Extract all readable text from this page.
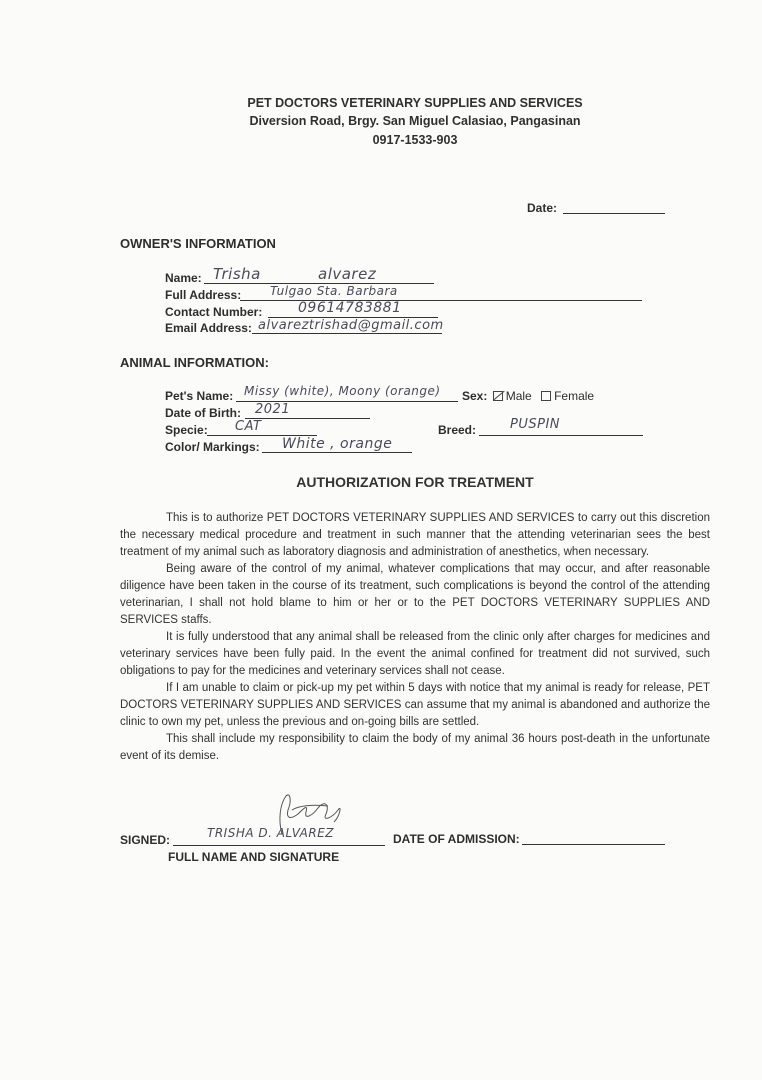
PET DOCTORS VETERINARY SUPPLIES AND SERVICES
Diversion Road, Brgy. San Miguel Calasiao, Pangasinan
0917-1533-903
Date:
OWNER'S INFORMATION
Name: Trisha	alvarez
Full Address: Tulgao Sta. Barbara
Contact Number:	09614783881
Email Address: alvareztrishad@gmail.com
ANIMAL INFORMATION:
Pet's Name: Missy (white), Moony (orange) Sex: Male Female
Date of Birth: 2021
Specie: CAT	Breed:	PUSPIN
Color/ Markings: White , orange
AUTHORIZATION FOR TREATMENT

This is to authorize PET DOCTORS VETERINARY SUPPLIES AND SERVICES to carry out this discretion the necessary medical procedure and treatment in such manner that the attending veterinarian sees the best treatment of my animal such as laboratory diagnosis and administration of anesthetics, when necessary.

Being aware of the control of my animal, whatever complications that may occur, and after reasonable diligence have been taken in the course of its treatment, such complications is beyond the control of the attending veterinarian, I shall not hold blame to him or her or to the PET DOCTORS VETERINARY SUPPLIES AND SERVICES staffs.

It is fully understood that any animal shall be released from the clinic only after charges for medicines and veterinary services have been fully paid. In the event the animal confined for treatment did not survived, such obligations to pay for the medicines and veterinary services shall not cease.

If I am unable to claim or pick-up my pet within 5 days with notice that my animal is ready for release, PET DOCTORS VETERINARY SUPPLIES AND SERVICES can assume that my animal is abandoned and authorize the clinic to own my pet, unless the previous and on-going bills are settled.

This shall include my responsibility to claim the body of my animal 36 hours post-death in the unfortunate event of its demise.

SIGNED:	TRISHA D. ALVAREZ
FULL NAME AND SIGNATURE
DATE OF ADMISSION:
